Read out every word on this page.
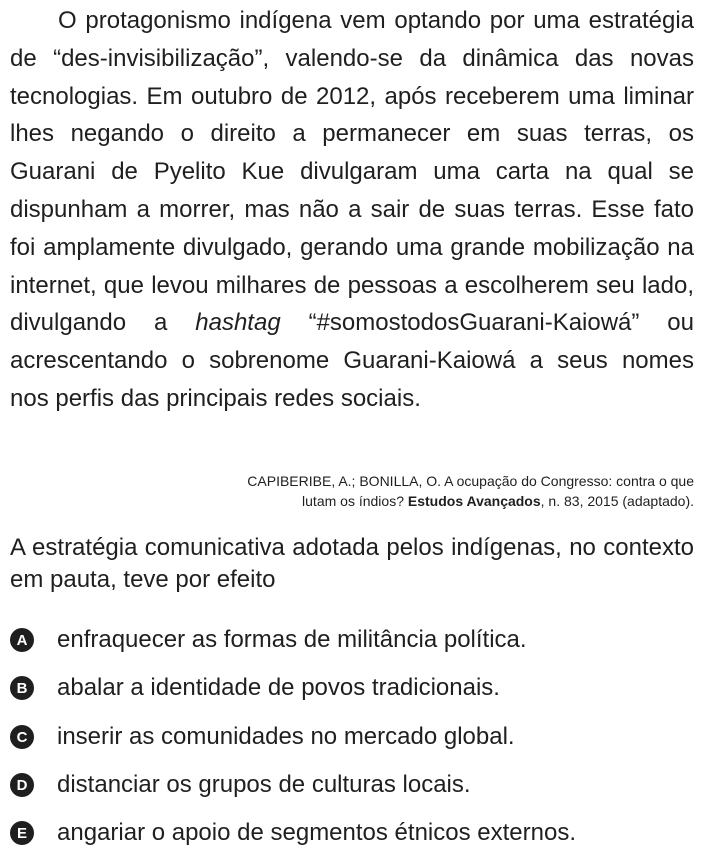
O protagonismo indígena vem optando por uma estratégia de “des-invisibilização”, valendo-se da dinâmica das novas tecnologias. Em outubro de 2012, após receberem uma liminar lhes negando o direito a permanecer em suas terras, os Guarani de Pyelito Kue divulgaram uma carta na qual se dispunham a morrer, mas não a sair de suas terras. Esse fato foi amplamente divulgado, gerando uma grande mobilização na internet, que levou milhares de pessoas a escolherem seu lado, divulgando a hashtag “#somostodosGuarani-Kaiowá” ou acrescentando o sobrenome Guarani-Kaiowá a seus nomes nos perfis das principais redes sociais.

CAPIBERIBE, A.; BONILLA, O. A ocupação do Congresso: contra o que
lutam os índios? Estudos Avançados, n. 83, 2015 (adaptado).

A estratégia comunicativa adotada pelos indígenas, no contexto em pauta, teve por efeito

A enfraquecer as formas de militância política.
B abalar a identidade de povos tradicionais.
C inserir as comunidades no mercado global.
D distanciar os grupos de culturas locais.
E angariar o apoio de segmentos étnicos externos.
